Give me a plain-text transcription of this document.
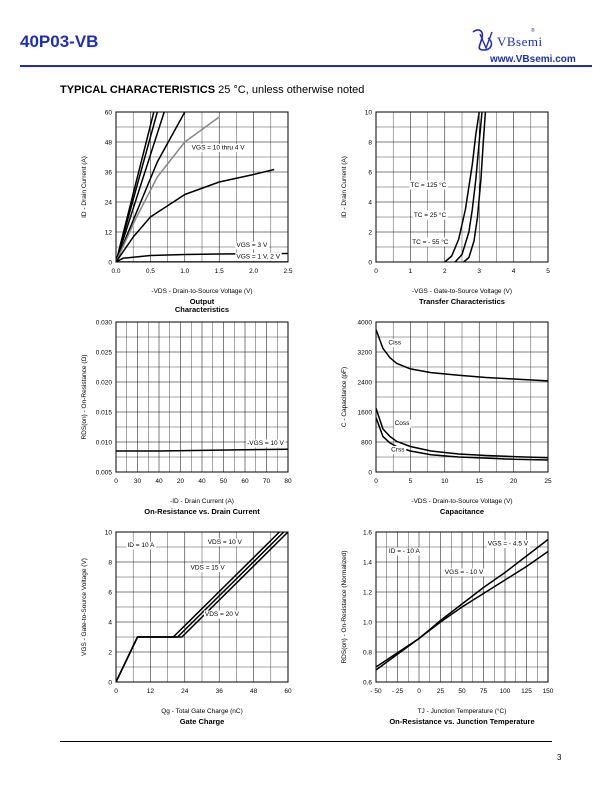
40P03-VB	VBsemi
®
www.VBsemi.com
TYPICAL CHARACTERISTICS 25 °C, unless otherwise noted
0.0	0.5	1.0	1.5	2.0	2.5
0
12
24
36
48
60
VGS = 10 thru 4 V
VGS = 3 V
VGS = 1 V, 2 V
-VDS - Drain-to-Source Voltage (V)
ID - Drain Current (A)
Output
Characteristics
0	1	2	3	4	5
0
2
4
6
8
10
TC = 125 °C
TC = 25 °C
TC = - 55 °C
-VGS - Gate-to-Source Voltage (V)
ID - Drain Current (A)
Transfer Characteristics
0 30 40 20 40 50 60 70 80
0.005
0.010
0.015
0.020
0.025
0.030
-VGS = 10 V
-ID - Drain Current (A)
RDS(on) - On-Resistance (Ω)
On-Resistance vs. Drain Current
0	5	10	15	20	25
0
800
1600
2400
3200
4000
Ciss
Coss
Crss
-VDS - Drain-to-Source Voltage (V)
C - Capacitance (pF)
Capacitance
0	12	24	36	48	60
0
2
4
6
8
10
ID = 10 A	VDS = 10 V
VDS = 15 V
VDS = 20 V
Qg - Total Gate Charge (nC)
VGS - Gate-to-Source Voltage (V)
Gate Charge
- 50 - 25 0 25 50 75 100 125 150
0.6
0.8
1.0
1.2
1.4
1.6
ID = - 10 A
VGS = - 4.5 V
VGS = - 10 V
TJ - Junction Temperature (°C)
RDS(on) - On-Resistance (Normalized)
On-Resistance vs. Junction Temperature
3
